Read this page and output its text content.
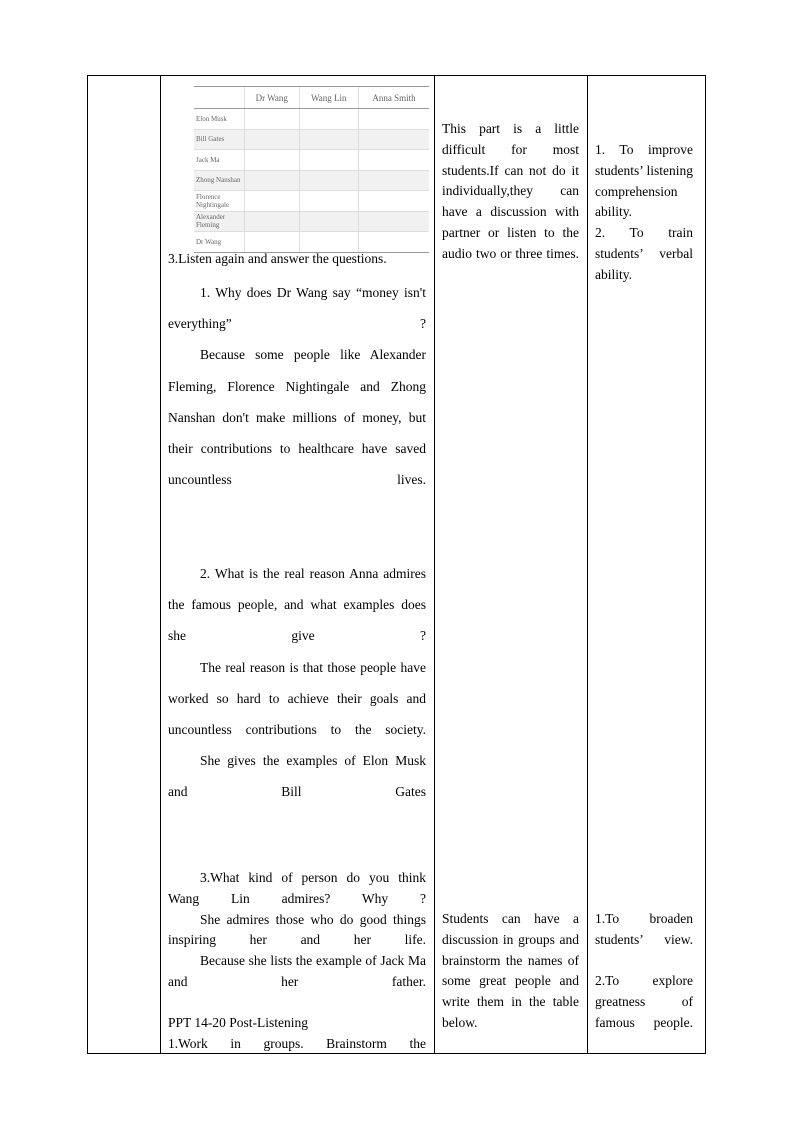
	Dr Wang	Wang Lin	Anna Smith
Elon Musk			
Bill Gates			
Jack Ma			
Zhong Nanshan			
Florence Nightingale			
Alexander Fleming			
Dr Wang			

3.Listen again and answer the questions.

1. Why does Dr Wang say “money isn't everything” ?

Because some people like Alexander Fleming, Florence Nightingale and Zhong Nanshan don't make millions of money, but their contributions to healthcare have saved uncountless lives.

2. What is the real reason Anna admires the famous people, and what examples does she give ?

The real reason is that those people have worked so hard to achieve their goals and uncountless contributions to the society.

She gives the examples of Elon Musk and Bill Gates

3.What kind of person do you think Wang Lin admires? Why ?

She admires those who do good things inspiring her and her life.

Because she lists the example of Jack Ma and her father.

PPT 14-20 Post-Listening

1.Work in groups. Brainstorm the

This part is a little difficult for most students.If can not do it individually,they can have a discussion with partner or listen to the audio two or three times.

Students can have a discussion in groups and brainstorm the names of some great people and write them in the table below.

1. To improve students’ listening comprehension ability.

2. To train students’ verbal ability.

1.To broaden students’ view.

2.To explore greatness of famous people.
